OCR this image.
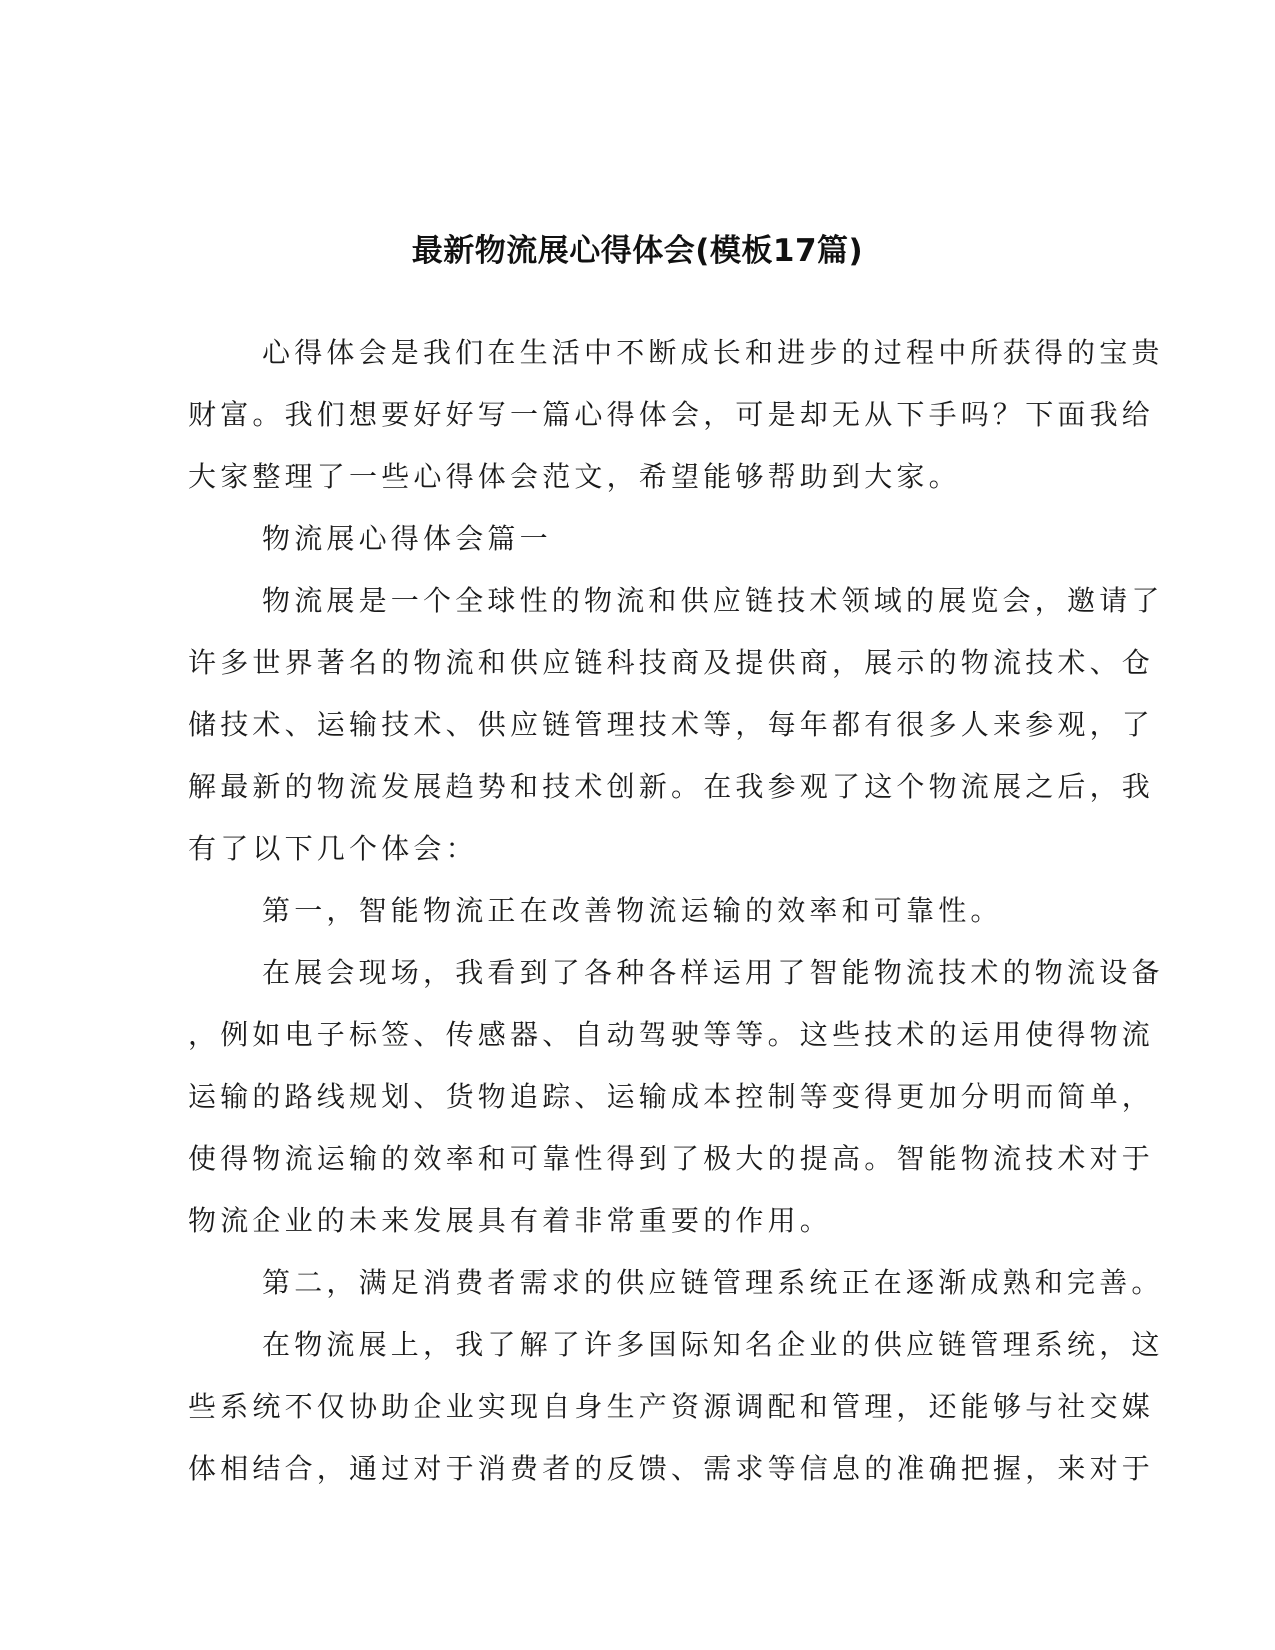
最新物流展心得体会(模板17篇)

心得体会是我们在生活中不断成长和进步的过程中所获得的宝贵
财富。我们想要好好写一篇心得体会，可是却无从下手吗？下面我给
大家整理了一些心得体会范文，希望能够帮助到大家。

物流展心得体会篇一

物流展是一个全球性的物流和供应链技术领域的展览会，邀请了
许多世界著名的物流和供应链科技商及提供商，展示的物流技术、仓
储技术、运输技术、供应链管理技术等，每年都有很多人来参观，了
解最新的物流发展趋势和技术创新。在我参观了这个物流展之后，我
有了以下几个体会：

第一，智能物流正在改善物流运输的效率和可靠性。

在展会现场，我看到了各种各样运用了智能物流技术的物流设备
，例如电子标签、传感器、自动驾驶等等。这些技术的运用使得物流
运输的路线规划、货物追踪、运输成本控制等变得更加分明而简单，
使得物流运输的效率和可靠性得到了极大的提高。智能物流技术对于
物流企业的未来发展具有着非常重要的作用。

第二，满足消费者需求的供应链管理系统正在逐渐成熟和完善。

在物流展上，我了解了许多国际知名企业的供应链管理系统，这
些系统不仅协助企业实现自身生产资源调配和管理，还能够与社交媒
体相结合，通过对于消费者的反馈、需求等信息的准确把握，来对于
